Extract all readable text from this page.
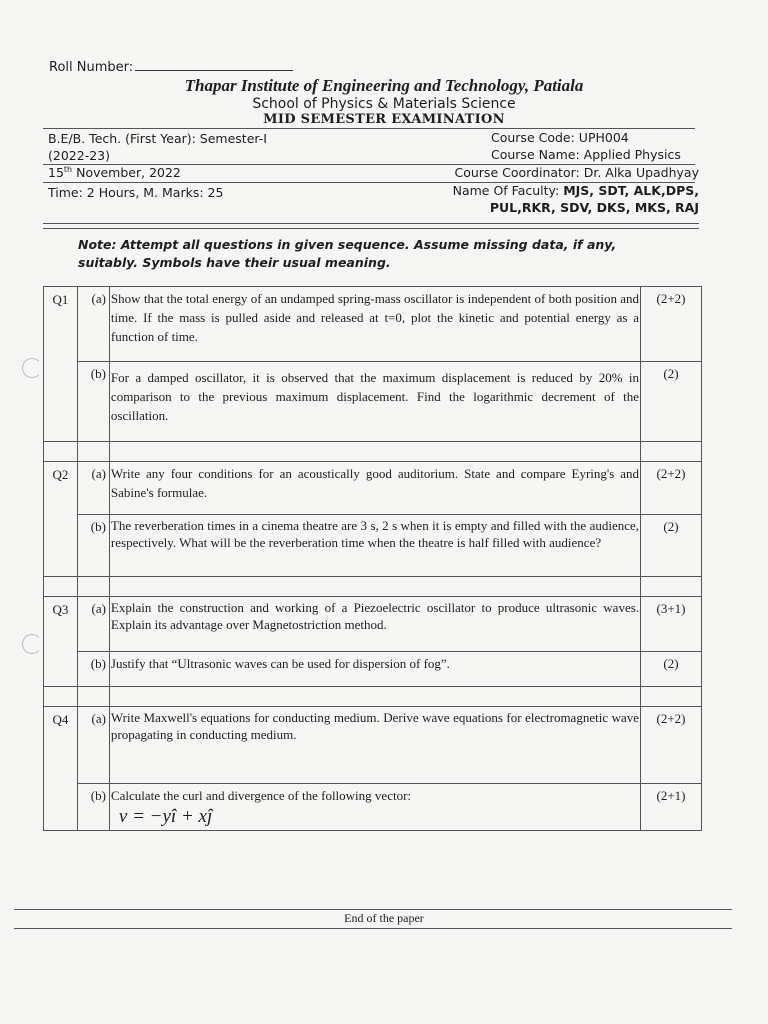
Roll Number:
Thapar Institute of Engineering and Technology, Patiala
School of Physics & Materials Science
MID SEMESTER EXAMINATION
B.E/B. Tech. (First Year): Semester-I
(2022-23)
15th November, 2022
Time: 2 Hours, M. Marks: 25
Course Code: UPH004
Course Name: Applied Physics
Course Coordinator: Dr. Alka Upadhyay
Name Of Faculty: MJS, SDT, ALK,DPS,
PUL,RKR, SDV, DKS, MKS, RAJ
Note: Attempt all questions in given sequence. Assume missing data, if any, suitably. Symbols have their usual meaning.
Q1	(a)	Show that the total energy of an undamped spring-mass oscillator is independent of both position and time. If the mass is pulled aside and released at t=0, plot the kinetic and potential energy as a function of time.	(2+2)
	(b)	For a damped oscillator, it is observed that the maximum displacement is reduced by 20% in comparison to the previous maximum displacement. Find the logarithmic decrement of the oscillation.	(2)

Q2	(a)	Write any four conditions for an acoustically good auditorium. State and compare Eyring's and Sabine's formulae.	(2+2)
	(b)	The reverberation times in a cinema theatre are 3 s, 2 s when it is empty and filled with the audience, respectively. What will be the reverberation time when the theatre is half filled with audience?	(2)

Q3	(a)	Explain the construction and working of a Piezoelectric oscillator to produce ultrasonic waves. Explain its advantage over Magnetostriction method.	(3+1)
	(b)	Justify that “Ultrasonic waves can be used for dispersion of fog”.	(2)

Q4	(a)	Write Maxwell's equations for conducting medium. Derive wave equations for electromagnetic wave propagating in conducting medium.	(2+2)
	(b)	Calculate the curl and divergence of the following vector:
v = −yî + xĵ	(2+1)
End of the paper
